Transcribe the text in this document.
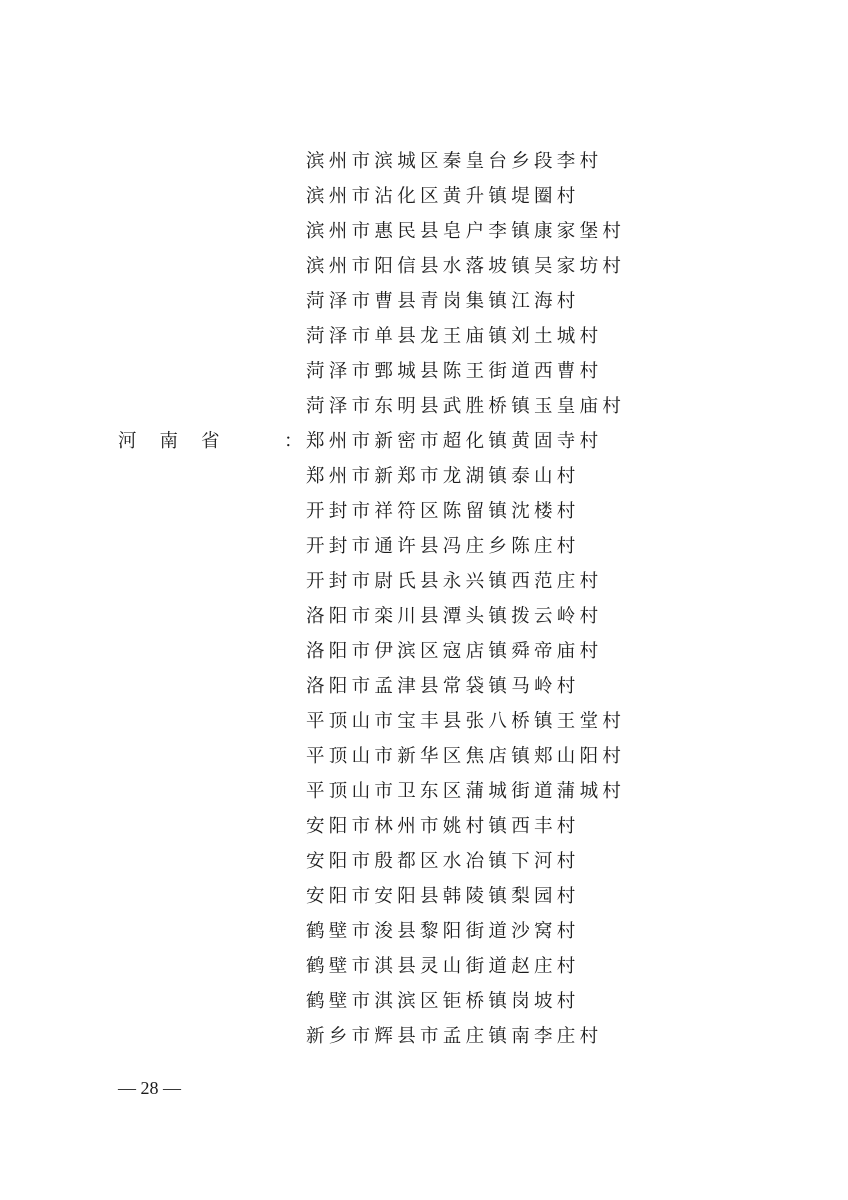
河南省 ：
滨州市滨城区秦皇台乡段李村
滨州市沾化区黄升镇堤圈村
滨州市惠民县皂户李镇康家堡村
滨州市阳信县水落坡镇吴家坊村
菏泽市曹县青岗集镇江海村
菏泽市单县龙王庙镇刘土城村
菏泽市鄄城县陈王街道西曹村
菏泽市东明县武胜桥镇玉皇庙村
郑州市新密市超化镇黄固寺村
郑州市新郑市龙湖镇泰山村
开封市祥符区陈留镇沈楼村
开封市通许县冯庄乡陈庄村
开封市尉氏县永兴镇西范庄村
洛阳市栾川县潭头镇拨云岭村
洛阳市伊滨区寇店镇舜帝庙村
洛阳市孟津县常袋镇马岭村
平顶山市宝丰县张八桥镇王堂村
平顶山市新华区焦店镇郏山阳村
平顶山市卫东区蒲城街道蒲城村
安阳市林州市姚村镇西丰村
安阳市殷都区水冶镇下河村
安阳市安阳县韩陵镇梨园村
鹤壁市浚县黎阳街道沙窝村
鹤壁市淇县灵山街道赵庄村
鹤壁市淇滨区钜桥镇岗坡村
新乡市辉县市孟庄镇南李庄村
— 28 —
